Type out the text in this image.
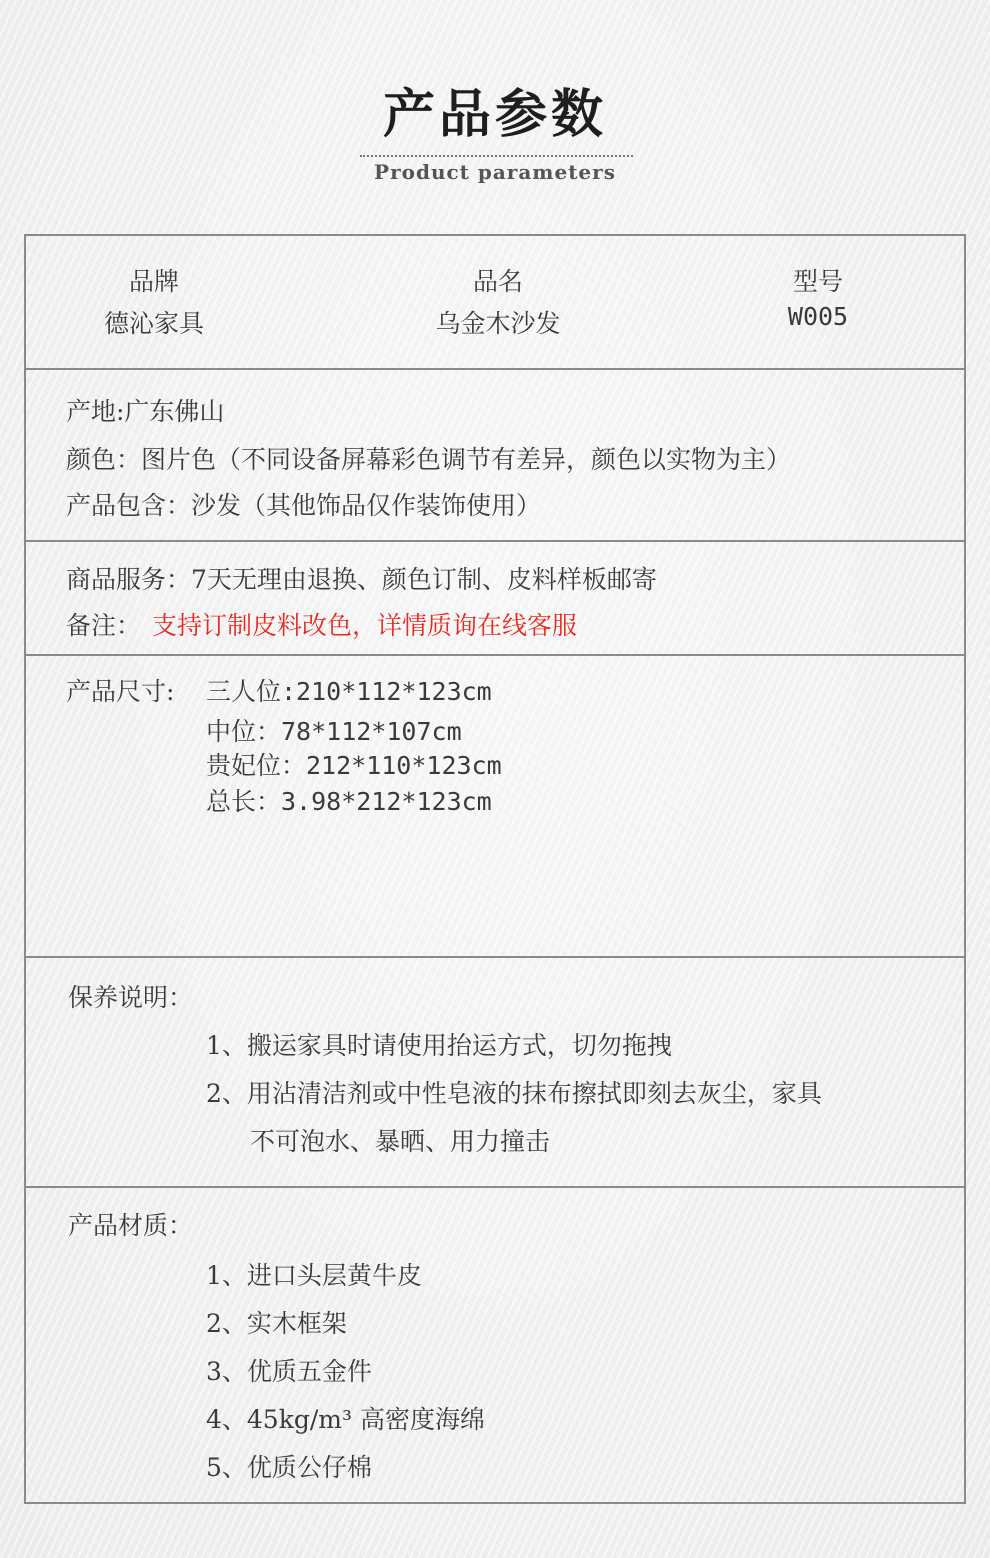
产品参数
Product parameters
品牌
德沁家具
品名
乌金木沙发
型号
W005
产地:广东佛山
颜色：图片色（不同设备屏幕彩色调节有差异，颜色以实物为主）
产品包含：沙发（其他饰品仅作装饰使用）
商品服务：7天无理由退换、颜色订制、皮料样板邮寄
备注： 支持订制皮料改色，详情质询在线客服
产品尺寸: 三人位:210*112*123cm
中位：78*112*107cm
贵妃位：212*110*123cm
总长：3.98*212*123cm
保养说明：
1、搬运家具时请使用抬运方式，切勿拖拽
2、用沾清洁剂或中性皂液的抹布擦拭即刻去灰尘，家具
不可泡水、暴晒、用力撞击
产品材质：
1、进口头层黄牛皮
2、实木框架
3、优质五金件
4、45kg/m³ 高密度海绵
5、优质公仔棉
